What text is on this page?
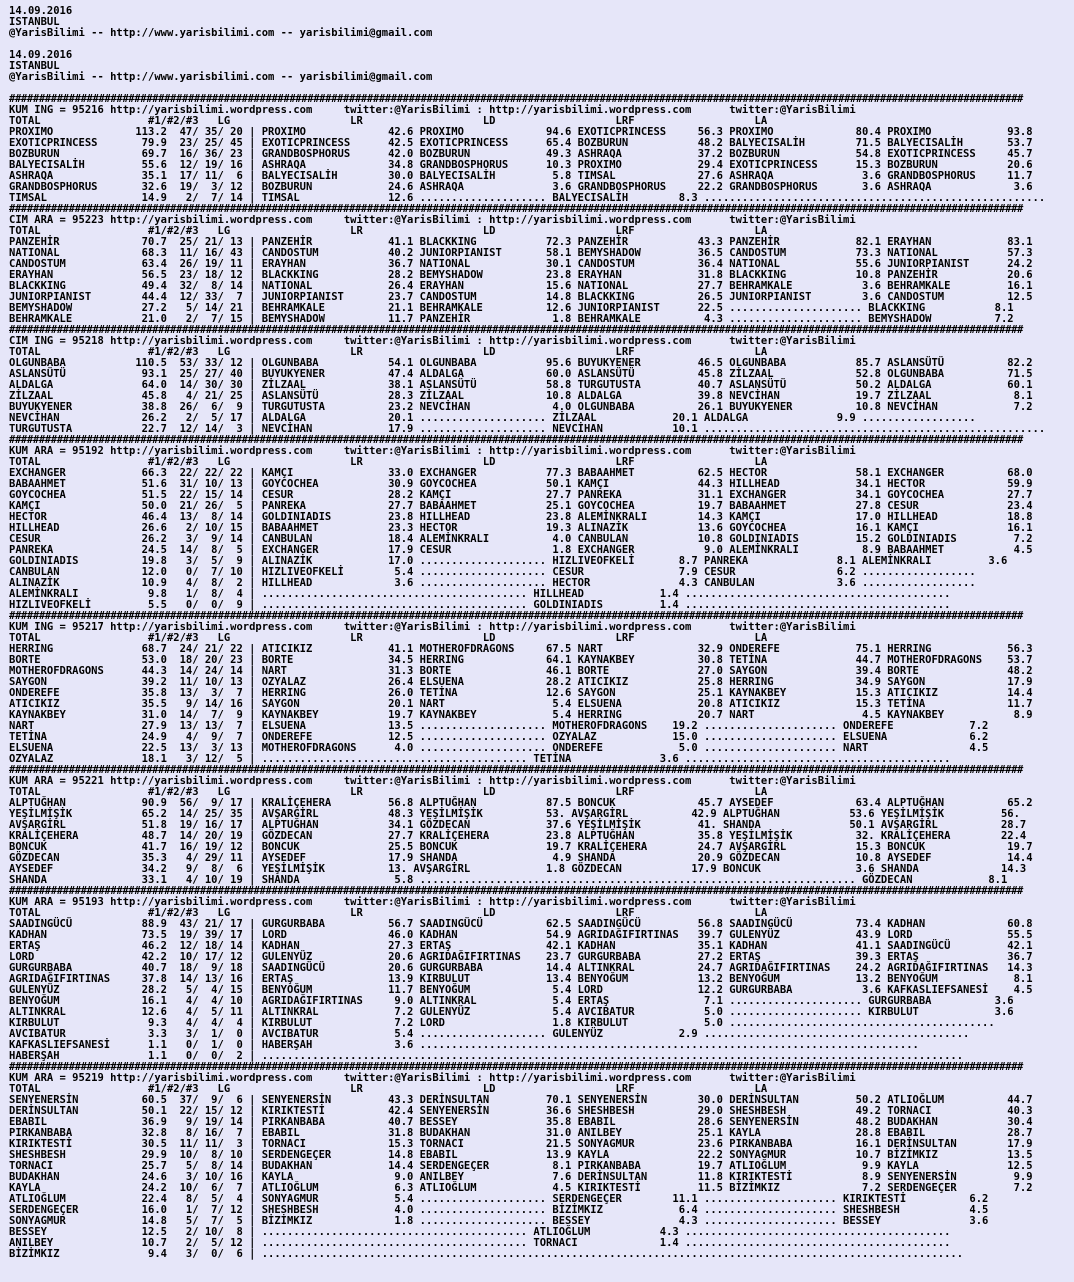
14.09.2016
ISTANBUL
@YarisBilimi -- http://www.yarisbilimi.com -- yarisbilimi@gmail.com

14.09.2016
ISTANBUL
@YarisBilimi -- http://www.yarisbilimi.com -- yarisbilimi@gmail.com

##########################################################################################################################################################################
KUM ING = 95216 http://yarisbilimi.wordpress.com     twitter:@YarisBilimi : http://yarisbilimi.wordpress.com      twitter:@YarisBilimi
TOTAL                 #1/#2/#3   LG                   LR                   LD                   LRF                   LA
PROXIMO             113.2  47/ 35/ 20 | PROXIMO             42.6 PROXIMO             94.6 EXOTICPRINCESS     56.3 PROXIMO             80.4 PROXIMO            93.8
EXOTICPRINCESS       79.9  23/ 25/ 45 | EXOTICPRINCESS      42.5 EXOTICPRINCESS      65.4 BOZBURUN           48.2 BALYECISALİH        71.5 BALYECISALİH       53.7
BOZBURUN             69.7  16/ 36/ 23 | GRANDBOSPHORUS      42.0 BOZBURUN            49.3 ASHRAQA            37.2 BOZBURUN            54.8 EXOTICPRINCESS     45.7
BALYECISALİH         55.6  12/ 19/ 16 | ASHRAQA             34.8 GRANDBOSPHORUS      10.3 PROXIMO            29.4 EXOTICPRINCESS      15.3 BOZBURUN           20.6
ASHRAQA              35.1  17/ 11/  6 | BALYECISALİH        30.0 BALYECISALİH         5.8 TIMSAL             27.6 ASHRAQA              3.6 GRANDBOSPHORUS     11.7
GRANDBOSPHORUS       32.6  19/  3/ 12 | BOZBURUN            24.6 ASHRAQA              3.6 GRANDBOSPHORUS     22.2 GRANDBOSPHORUS       3.6 ASHRAQA             3.6
TIMSAL               14.9   2/  7/ 14 | TIMSAL              12.6 .................... BALYECISALİH        8.3 ......................................................
##########################################################################################################################################################################
CIM ARA = 95223 http://yarisbilimi.wordpress.com     twitter:@YarisBilimi : http://yarisbilimi.wordpress.com      twitter:@YarisBilimi
TOTAL                 #1/#2/#3   LG                   LR                   LD                   LRF                   LA
PANZEHİR             70.7  25/ 21/ 13 | PANZEHİR            41.1 BLACKKING           72.3 PANZEHİR           43.3 PANZEHİR            82.1 ERAYHAN            83.1
NATIONAL             68.3  11/ 16/ 43 | CANDOSTUM           40.2 JUNIORPIANIST       58.1 BEMYSHADOW         36.5 CANDOSTUM           73.3 NATIONAL           57.3
CANDOSTUM            63.4  26/ 19/ 11 | ERAYHAN             36.7 NATIONAL            30.1 CANDOSTUM          36.4 NATIONAL            55.6 JUNIORPIANIST      24.2
ERAYHAN              56.5  23/ 18/ 12 | BLACKKING           28.2 BEMYSHADOW          23.8 ERAYHAN            31.8 BLACKKING           10.8 PANZEHİR           20.6
BLACKKING            49.4  32/  8/ 14 | NATIONAL            26.4 ERAYHAN             15.6 NATIONAL           27.7 BEHRAMKALE           3.6 BEHRAMKALE         16.1
JUNIORPIANIST        44.4  12/ 33/  7 | JUNIORPIANIST       23.7 CANDOSTUM           14.8 BLACKKING          26.5 JUNIORPIANIST        3.6 CANDOSTUM          12.5
BEMYSHADOW           27.2   5/ 14/ 21 | BEHRAMKALE          21.1 BEHRAMKALE          12.6 JUNIORPIANIST      22.5 ..................... BLACKKING           8.1
BEHRAMKALE           21.0   2/  7/ 15 | BEMYSHADOW          11.7 PANZEHİR             1.8 BEHRAMKALE          4.3 ..................... BEMYSHADOW          7.2
##########################################################################################################################################################################
CIM ING = 95218 http://yarisbilimi.wordpress.com     twitter:@YarisBilimi : http://yarisbilimi.wordpress.com      twitter:@YarisBilimi
TOTAL                 #1/#2/#3   LG                   LR                   LD                   LRF                   LA
OLGUNBABA           110.5  53/ 33/ 12 | OLGUNBABA           54.1 OLGUNBABA           95.6 BUYUKYENER         46.5 OLGUNBABA           85.7 ASLANSÜTÜ          82.2
ASLANSÜTÜ            93.1  25/ 27/ 40 | BUYUKYENER          47.4 ALDALGA             60.0 ASLANSÜTÜ          45.8 ZİLZAAL             52.8 OLGUNBABA          71.5
ALDALGA              64.0  14/ 30/ 30 | ZİLZAAL             38.1 ASLANSÜTÜ           58.8 TURGUTUSTA         40.7 ASLANSÜTÜ           50.2 ALDALGA            60.1
ZİLZAAL              45.8   4/ 21/ 25 | ASLANSÜTÜ           28.3 ZİLZAAL             10.8 ALDALGA            39.8 NEVCİHAN            19.7 ZİLZAAL             8.1
BUYUKYENER           38.8  26/  6/  9 | TURGUTUSTA          23.2 NEVCİHAN             4.0 OLGUNBABA          26.1 BUYUKYENER          10.8 NEVCİHAN            7.2
NEVCİHAN             26.2   2/  5/ 17 | ALDALGA             20.1 .................... ZİLZAAL            20.1 ALDALGA              9.9 ..................
TURGUTUSTA           22.7  12/ 14/  3 | NEVCİHAN            17.9 .................... NEVCİHAN           10.1 ......................................................
##########################################################################################################################################################################
KUM ARA = 95192 http://yarisbilimi.wordpress.com     twitter:@YarisBilimi : http://yarisbilimi.wordpress.com      twitter:@YarisBilimi
TOTAL                 #1/#2/#3   LG                   LR                   LD                   LRF                   LA
EXCHANGER            66.3  22/ 22/ 22 | KAMÇI               33.0 EXCHANGER           77.3 BABAAHMET          62.5 HECTOR              58.1 EXCHANGER          68.0
BABAAHMET            51.6  31/ 10/ 13 | GOYCOCHEA           30.9 GOYCOCHEA           50.1 KAMÇI              44.3 HILLHEAD            34.1 HECTOR             59.9
GOYCOCHEA            51.5  22/ 15/ 14 | CESUR               28.2 KAMÇI               27.7 PANREKA            31.1 EXCHANGER           34.1 GOYCOCHEA          27.7
KAMÇI                50.0  21/ 26/  5 | PANREKA             27.7 BABAAHMET           25.1 GOYCOCHEA          19.7 BABAAHMET           27.8 CESUR              23.4
HECTOR               46.4  13/  8/ 14 | GOLDINIADIS         23.8 HILLHEAD            23.8 ALEMİNKRALI        14.3 KAMÇI               17.0 HILLHEAD           18.8
HILLHEAD             26.6   2/ 10/ 15 | BABAAHMET           23.3 HECTOR              19.3 ALINAZİK           13.6 GOYCOCHEA           16.1 KAMÇI              16.1
CESUR                26.2   3/  9/ 14 | CANBULAN            18.4 ALEMİNKRALI          4.0 CANBULAN           10.8 GOLDINIADIS         15.2 GOLDINIADIS         7.2
PANREKA              24.5  14/  8/  5 | EXCHANGER           17.9 CESUR                1.8 EXCHANGER           9.0 ALEMİNKRALI          8.9 BABAAHMET           4.5
GOLDINIADIS          19.8   3/  5/  9 | ALINAZİK            17.0 .................... HIZLIVEOFKELİ       8.7 PANREKA              8.1 ALEMİNKRALI         3.6
CANBULAN             12.0   0/  7/ 10 | HIZLIVEOFKELİ        5.4 .................... CESUR               7.9 CESUR                6.2 ..................
ALINAZİK             10.9   4/  8/  2 | HILLHEAD             3.6 .................... HECTOR              4.3 CANBULAN             3.6 ..................
ALEMİNKRALI           9.8   1/  8/  4 | .......................................... HILLHEAD            1.4 ..........................................
HIZLIVEOFKELİ         5.5   0/  0/  9 | .......................................... GOLDINIADIS         1.4 ..........................................
##########################################################################################################################################################################
KUM ING = 95217 http://yarisbilimi.wordpress.com     twitter:@YarisBilimi : http://yarisbilimi.wordpress.com      twitter:@YarisBilimi
TOTAL                 #1/#2/#3   LG                   LR                   LD                   LRF                   LA
HERRING              68.7  24/ 21/ 22 | ATICIKIZ            41.1 MOTHEROFDRAGONS     67.5 NART               32.9 ONDEREFE            75.1 HERRING            56.3
BORTE                53.0  18/ 20/ 23 | BORTE               34.5 HERRING             64.1 KAYNAKBEY          30.8 TETİNA              44.7 MOTHEROFDRAGONS    53.7
MOTHEROFDRAGONS      44.3  14/ 24/ 14 | NART                31.3 BORTE               46.1 BORTE              27.0 SAYGON              39.4 BORTE              48.2
SAYGON               39.2  11/ 10/ 13 | OZYALAZ             26.4 ELSUENA             28.2 ATICIKIZ           25.8 HERRING             34.9 SAYGON             17.9
ONDEREFE             35.8  13/  3/  7 | HERRING             26.0 TETİNA              12.6 SAYGON             25.1 KAYNAKBEY           15.3 ATICIKIZ           14.4
ATICIKIZ             35.5   9/ 14/ 16 | SAYGON              20.1 NART                 5.4 ELSUENA            20.8 ATICIKIZ            15.3 TETİNA             11.7
KAYNAKBEY            31.0  14/  7/  9 | KAYNAKBEY           19.7 KAYNAKBEY            5.4 HERRING            20.7 NART                 4.5 KAYNAKBEY           8.9
NART                 27.9  13/ 13/  7 | ELSUENA             13.5 .................... MOTHEROFDRAGONS    19.2 ..................... ONDEREFE            7.2
TETİNA               24.9   4/  9/  7 | ONDEREFE            12.5 .................... OZYALAZ            15.0 ..................... ELSUENA             6.2
ELSUENA              22.5  13/  3/ 13 | MOTHEROFDRAGONS      4.0 .................... ONDEREFE            5.0 ..................... NART                4.5
OZYALAZ              18.1   3/ 12/  5 | .......................................... TETİNA              3.6 ..........................................
##########################################################################################################################################################################
KUM ARA = 95221 http://yarisbilimi.wordpress.com     twitter:@YarisBilimi : http://yarisbilimi.wordpress.com      twitter:@YarisBilimi
TOTAL                 #1/#2/#3   LG                   LR                   LD                   LRF                   LA
ALPTUĞHAN            90.9  56/  9/ 17 | KRALİÇEHERA         56.8 ALPTUĞHAN           87.5 BONCUK             45.7 AYSEDEF             63.4 ALPTUĞHAN          65.2
YEŞİLMİŞİK           65.2  14/ 25/ 35 | AVŞARGİRL           48.3 YEŞİLMİŞİK          53. AVŞARGİRL          42.9 ALPTUĞHAN           53.6 YEŞİLMİŞİK         56.
AVŞARGİRL            51.8  19/ 16/ 17 | ALPTUĞHAN           34.1 GÖZDECAN            37.6 YEŞİLMİŞİK         41. SHANDA              50.1 AVŞARGİRL          28.7
KRALİÇEHERA          48.7  14/ 20/ 19 | GÖZDECAN            27.7 KRALİÇEHERA         23.8 ALPTUĞHAN          35.8 YEŞİLMİŞİK          32. KRALİÇEHERA        22.4
BONCUK               41.7  16/ 19/ 12 | BONCUK              25.5 BONCUK              19.7 KRALİÇEHERA        24.7 AVŞARGİRL           15.3 BONCUK             19.7
GÖZDECAN             35.3   4/ 29/ 11 | AYSEDEF             17.9 SHANDA               4.9 SHANDA             20.9 GÖZDECAN            10.8 AYSEDEF            14.4
AYSEDEF              34.2   9/  8/  6 | YEŞİLMİŞİK          13. AVŞARGİRL            1.8 GÖZDECAN           17.9 BONCUK               3.6 SHANDA             14.3
SHANDA               33.1   4/ 10/ 19 | SHANDA               5.8 ..................................................................... GÖZDECAN            8.1
##########################################################################################################################################################################
KUM ARA = 95193 http://yarisbilimi.wordpress.com     twitter:@YarisBilimi : http://yarisbilimi.wordpress.com      twitter:@YarisBilimi
TOTAL                 #1/#2/#3   LG                   LR                   LD                   LRF                   LA
SAADINGÜCÜ           88.9  43/ 21/ 17 | GURGURBABA          56.7 SAADINGÜCÜ          62.5 SAADINGÜCÜ         56.8 SAADINGÜCÜ          73.4 KADHAN             60.8
KADHAN               73.5  19/ 39/ 17 | LORD                46.0 KADHAN              54.9 AGRIDAĞIFIRTINAS   39.7 GULENYÜZ            43.9 LORD               55.5
ERTAŞ                46.2  12/ 18/ 14 | KADHAN              27.3 ERTAŞ               42.1 KADHAN             35.1 KADHAN              41.1 SAADINGÜCÜ         42.1
LORD                 42.2  10/ 17/ 12 | GULENYÜZ            20.6 AGRIDAĞIFIRTINAS    23.7 GURGURBABA         27.2 ERTAŞ               39.3 ERTAŞ              36.7
GURGURBABA           40.7  18/  9/ 18 | SAADINGÜCÜ          20.6 GURGURBABA          14.4 ALTINKRAL          24.7 AGRIDAĞIFIRTINAS    24.2 AGRIDAĞIFIRTINAS   14.3
AGRIDAĞIFIRTINAS     37.8  14/ 13/ 16 | ERTAŞ               13.9 KIRBULUT            13.4 BENYOĞUM           13.2 BENYOĞUM            13.2 BENYOĞUM            8.1
GULENYÜZ             28.2   5/  4/ 15 | BENYOĞUM            11.7 BENYOĞUM             5.4 LORD               12.2 GURGURBABA           3.6 KAFKASLIEFSANESİ    4.5
BENYOĞUM             16.1   4/  4/ 10 | AGRIDAĞIFIRTINAS     9.0 ALTINKRAL            5.4 ERTAŞ               7.1 ..................... GURGURBABA          3.6
ALTINKRAL            12.6   4/  5/ 11 | ALTINKRAL            7.2 GULENYÜZ             5.4 AVCIBATUR           5.0 ..................... KIRBULUT            3.6
KIRBULUT              9.3   4/  4/  4 | KIRBULUT             7.2 LORD                 1.8 KIRBULUT            5.0 ..........................................
AVCIBATUR             3.3   3/  1/  0 | AVCIBATUR            5.4 .................... GULENYÜZ            2.9 ..........................................
KAFKASLIEFSANESİ      1.1   0/  1/  0 | HABERŞAH             3.6 ...............................................................................
HABERŞAH              1.1   0/  0/  2 | ...............................................................................................................
##########################################################################################################################################################################
KUM ARA = 95219 http://yarisbilimi.wordpress.com     twitter:@YarisBilimi : http://yarisbilimi.wordpress.com      twitter:@YarisBilimi
TOTAL                 #1/#2/#3   LG                   LR                   LD                   LRF                   LA
SENYENERSİN          60.5  37/  9/  6 | SENYENERSİN         43.3 DERİNSULTAN         70.1 SENYENERSİN        30.0 DERİNSULTAN         50.2 ATLIOĞLUM          44.7
DERİNSULTAN          50.1  22/ 15/ 12 | KIRIKTESTİ          42.4 SENYENERSİN         36.6 SHESHBESH          29.0 SHESHBESH           49.2 TORNACI            40.3
EBABIL               36.9   9/ 19/ 14 | PIRKANBABA          40.7 BESSEY              35.8 EBABIL             28.6 SENYENERSİN         48.2 BUDAKHAN           30.4
PIRKANBABA           32.8   8/ 16/  7 | EBABIL              31.8 BUDAKHAN            31.0 ANILBEY            25.1 KAYLA               28.8 EBABIL             28.7
KIRIKTESTİ           30.5  11/ 11/  3 | TORNACI             15.3 TORNACI             21.5 SONYAGMUR          23.6 PIRKANBABA          16.1 DERİNSULTAN        17.9
SHESHBESH            29.9  10/  8/ 10 | SERDENGEÇER         14.8 EBABIL              13.9 KAYLA              22.2 SONYAGMUR           10.7 BİZİMKIZ           13.5
TORNACI              25.7   5/  8/ 14 | BUDAKHAN            14.4 SERDENGEÇER          8.1 PIRKANBABA         19.7 ATLIOĞLUM            9.9 KAYLA              12.5
BUDAKHAN             24.6   3/ 10/ 16 | KAYLA                9.0 ANILBEY              7.6 DERİNSULTAN        11.8 KIRIKTESTİ           8.9 SENYENERSİN         9.9
KAYLA                24.2  10/  6/  7 | ATLIOĞLUM            6.3 ATLIOĞLUM            4.5 KIRIKTESTİ         11.5 BİZİMKIZ             7.2 SERDENGEÇER         7.2
ATLIOĞLUM            22.4   8/  5/  4 | SONYAGMUR            5.4 .................... SERDENGEÇER        11.1 ..................... KIRIKTESTİ          6.2
SERDENGEÇER          16.0   1/  7/ 12 | SHESHBESH            4.0 .................... BİZİMKIZ            6.4 ..................... SHESHBESH           4.5
SONYAGMUR            14.8   5/  7/  5 | BİZİMKIZ             1.8 .................... BESSEY              4.3 ..................... BESSEY              3.6
BESSEY               12.5   2/ 10/  8 | .......................................... ATLIOĞLUM           4.3 ..........................................
ANILBEY              10.7   2/  5/ 12 | .......................................... TORNACI             1.4 ..........................................
BİZİMKIZ              9.4   3/  0/  6 | ...............................................................................................................
